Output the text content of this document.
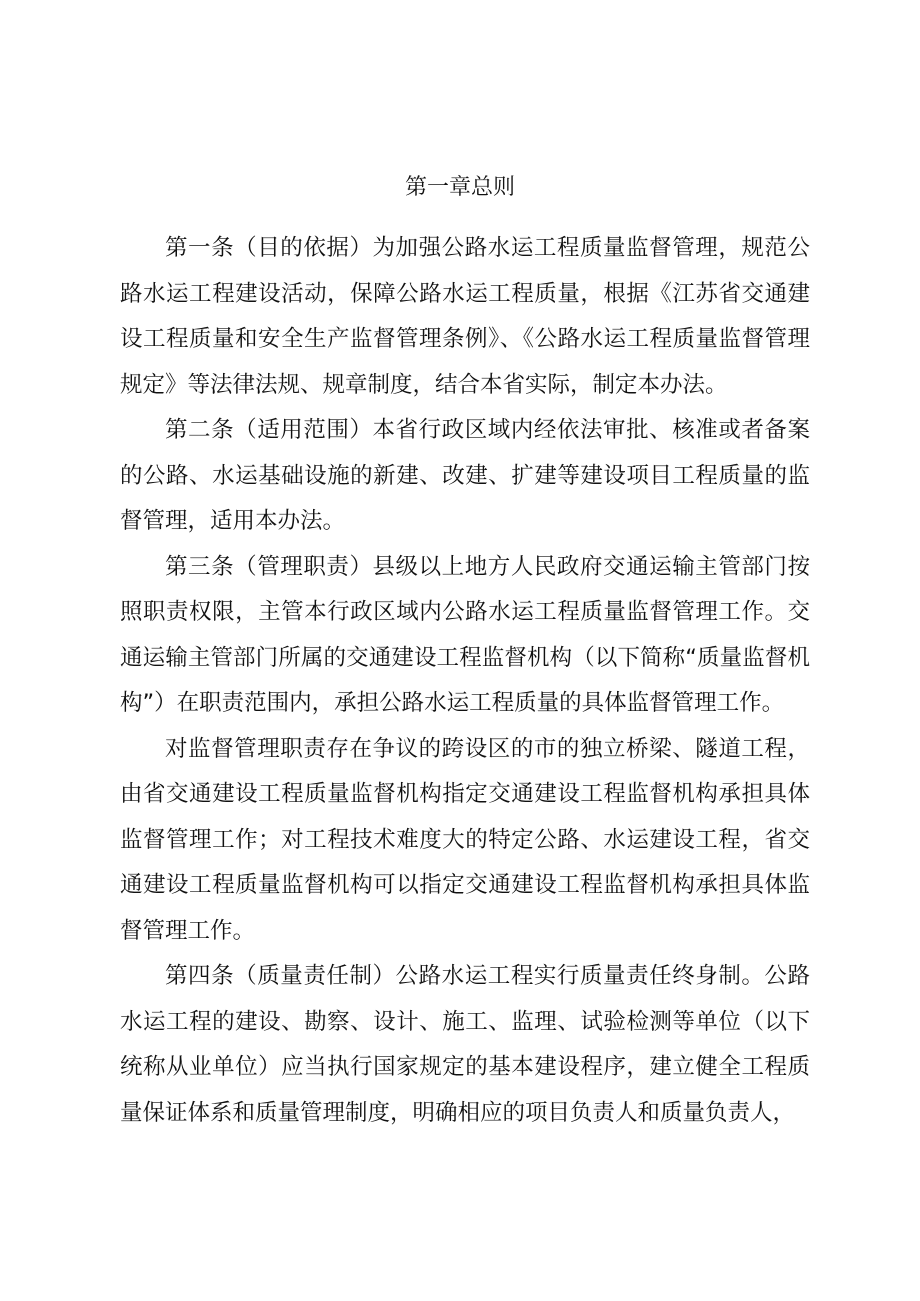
第一章总则

第一条（目的依据）为加强公路水运工程质量监督管理，规范公路水运工程建设活动，保障公路水运工程质量，根据《江苏省交通建设工程质量和安全生产监督管理条例》、《公路水运工程质量监督管理规定》等法律法规、规章制度，结合本省实际，制定本办法。

第二条（适用范围）本省行政区域内经依法审批、核准或者备案的公路、水运基础设施的新建、改建、扩建等建设项目工程质量的监督管理，适用本办法。

第三条（管理职责）县级以上地方人民政府交通运输主管部门按照职责权限，主管本行政区域内公路水运工程质量监督管理工作。交通运输主管部门所属的交通建设工程监督机构（以下简称“质量监督机构”）在职责范围内，承担公路水运工程质量的具体监督管理工作。

对监督管理职责存在争议的跨设区的市的独立桥梁、隧道工程，由省交通建设工程质量监督机构指定交通建设工程监督机构承担具体监督管理工作；对工程技术难度大的特定公路、水运建设工程，省交通建设工程质量监督机构可以指定交通建设工程监督机构承担具体监督管理工作。

第四条（质量责任制）公路水运工程实行质量责任终身制。公路水运工程的建设、勘察、设计、施工、监理、试验检测等单位（以下统称从业单位）应当执行国家规定的基本建设程序，建立健全工程质量保证体系和质量管理制度，明确相应的项目负责人和质量负责人，
